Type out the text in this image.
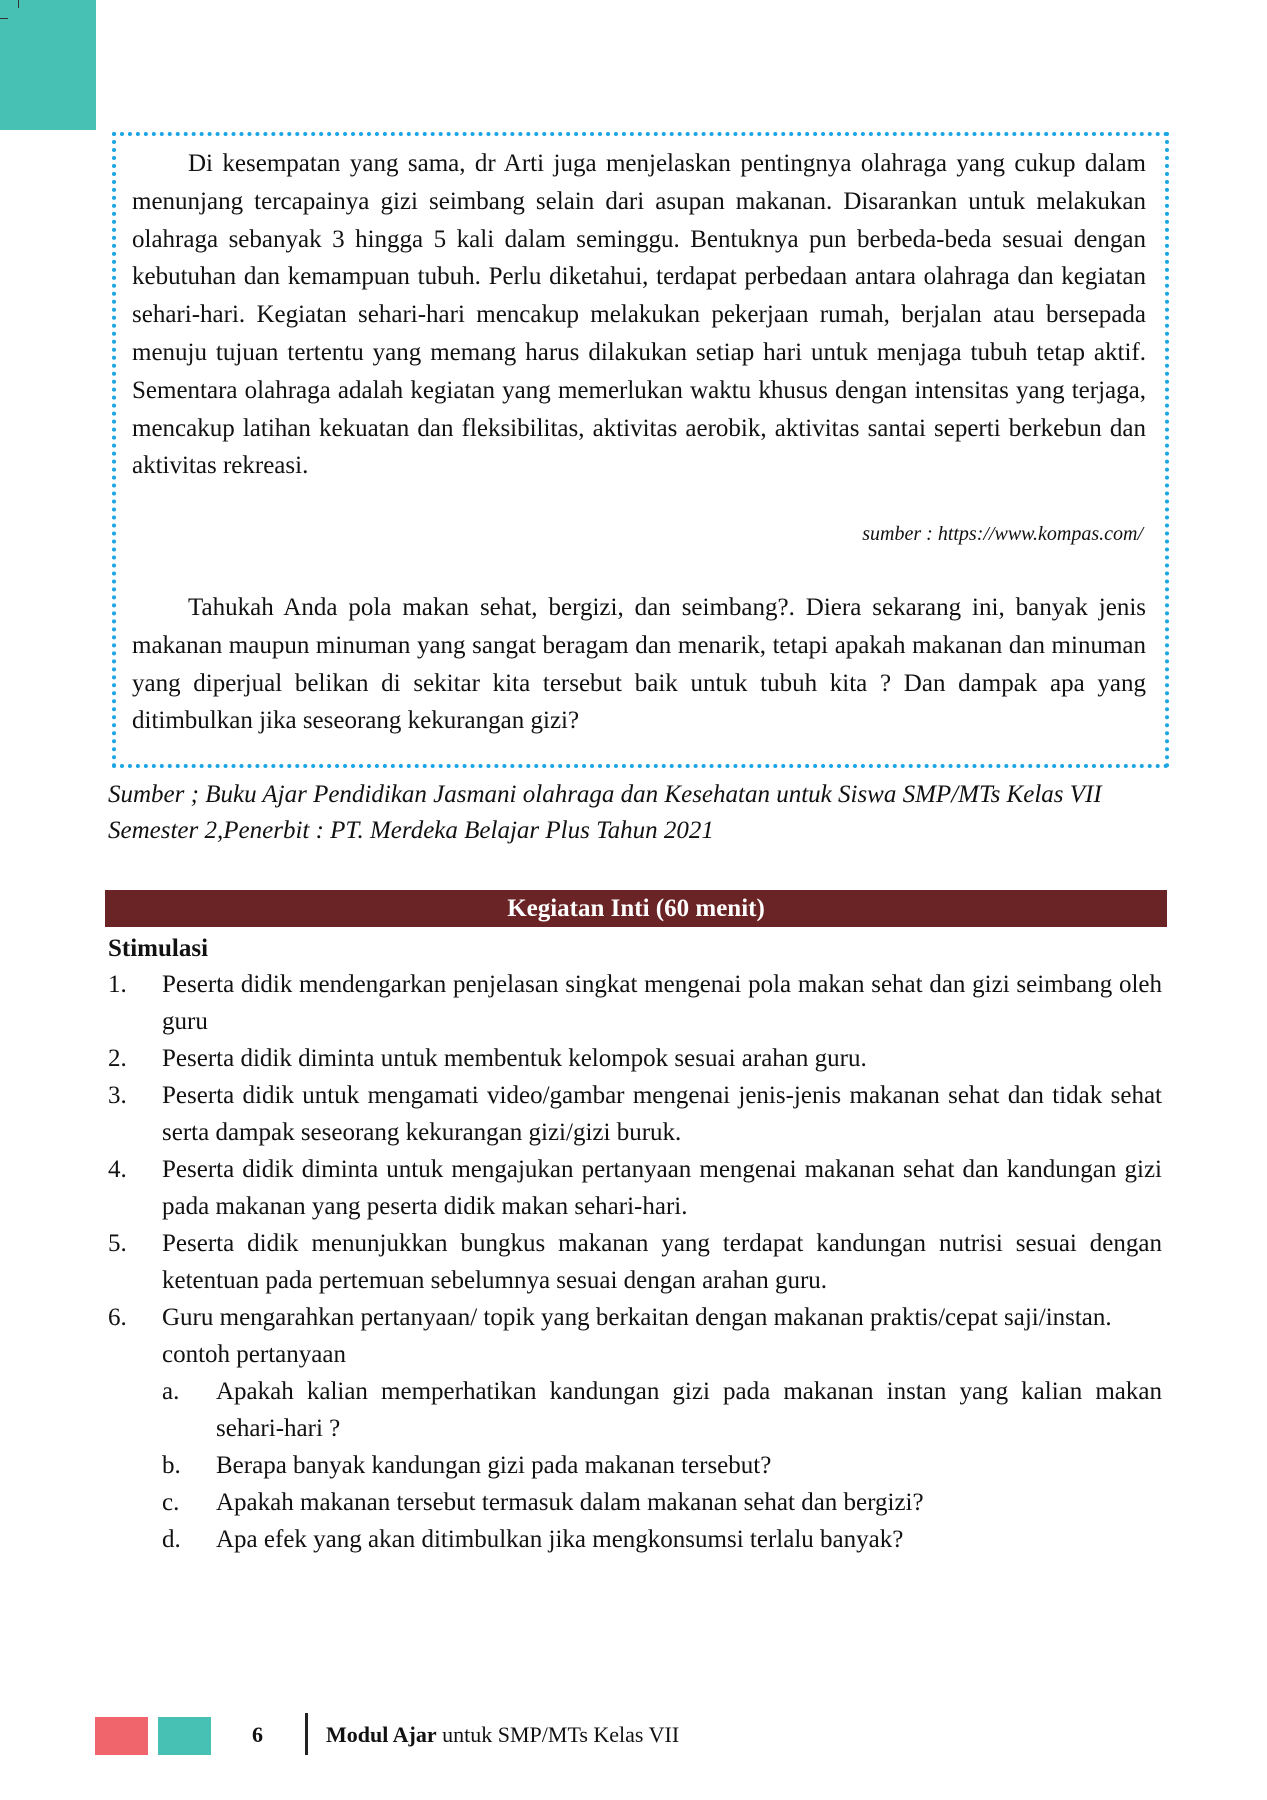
Di kesempatan yang sama, dr Arti juga menjelaskan pentingnya olahraga yang cukup dalam menunjang tercapainya gizi seimbang selain dari asupan makanan. Disarankan untuk melakukan olahraga sebanyak 3 hingga 5 kali dalam seminggu. Bentuknya pun berbeda-beda sesuai dengan kebutuhan dan kemampuan tubuh. Perlu diketahui, terdapat perbedaan antara olahraga dan kegiatan sehari-hari. Kegiatan sehari-hari mencakup melakukan pekerjaan rumah, berjalan atau bersepada menuju tujuan tertentu yang memang harus dilakukan setiap hari untuk menjaga tubuh tetap aktif. Sementara olahraga adalah kegiatan yang memerlukan waktu khusus dengan intensitas yang terjaga, mencakup latihan kekuatan dan fleksibilitas, aktivitas aerobik, aktivitas santai seperti berkebun dan aktivitas rekreasi.

sumber : https://www.kompas.com/

Tahukah Anda pola makan sehat, bergizi, dan seimbang?. Diera sekarang ini, banyak jenis makanan maupun minuman yang sangat beragam dan menarik, tetapi apakah makanan dan minuman yang diperjual belikan di sekitar kita tersebut baik untuk tubuh kita ? Dan dampak apa yang ditimbulkan jika seseorang kekurangan gizi?

Sumber ; Buku Ajar Pendidikan Jasmani olahraga dan Kesehatan untuk Siswa SMP/MTs Kelas VII Semester 2,Penerbit : PT. Merdeka Belajar Plus Tahun 2021
Kegiatan Inti (60 menit)
Stimulasi
1. Peserta didik mendengarkan penjelasan singkat mengenai pola makan sehat dan gizi seimbang oleh guru
2. Peserta didik diminta untuk membentuk kelompok sesuai arahan guru.
3. Peserta didik untuk mengamati video/gambar mengenai jenis-jenis makanan sehat dan tidak sehat serta dampak seseorang kekurangan gizi/gizi buruk.
4. Peserta didik diminta untuk mengajukan pertanyaan mengenai makanan sehat dan kandungan gizi pada makanan yang peserta didik makan sehari-hari.
5. Peserta didik menunjukkan bungkus makanan yang terdapat kandungan nutrisi sesuai dengan ketentuan pada pertemuan sebelumnya sesuai dengan arahan guru.
6. Guru mengarahkan pertanyaan/ topik yang berkaitan dengan makanan praktis/cepat saji/instan.
contoh pertanyaan
a. Apakah kalian memperhatikan kandungan gizi pada makanan instan yang kalian makan sehari-hari ?
b. Berapa banyak kandungan gizi pada makanan tersebut?
c. Apakah makanan tersebut termasuk dalam makanan sehat dan bergizi?
d. Apa efek yang akan ditimbulkan jika mengkonsumsi terlalu banyak?
6	Modul Ajar untuk SMP/MTs Kelas VII
